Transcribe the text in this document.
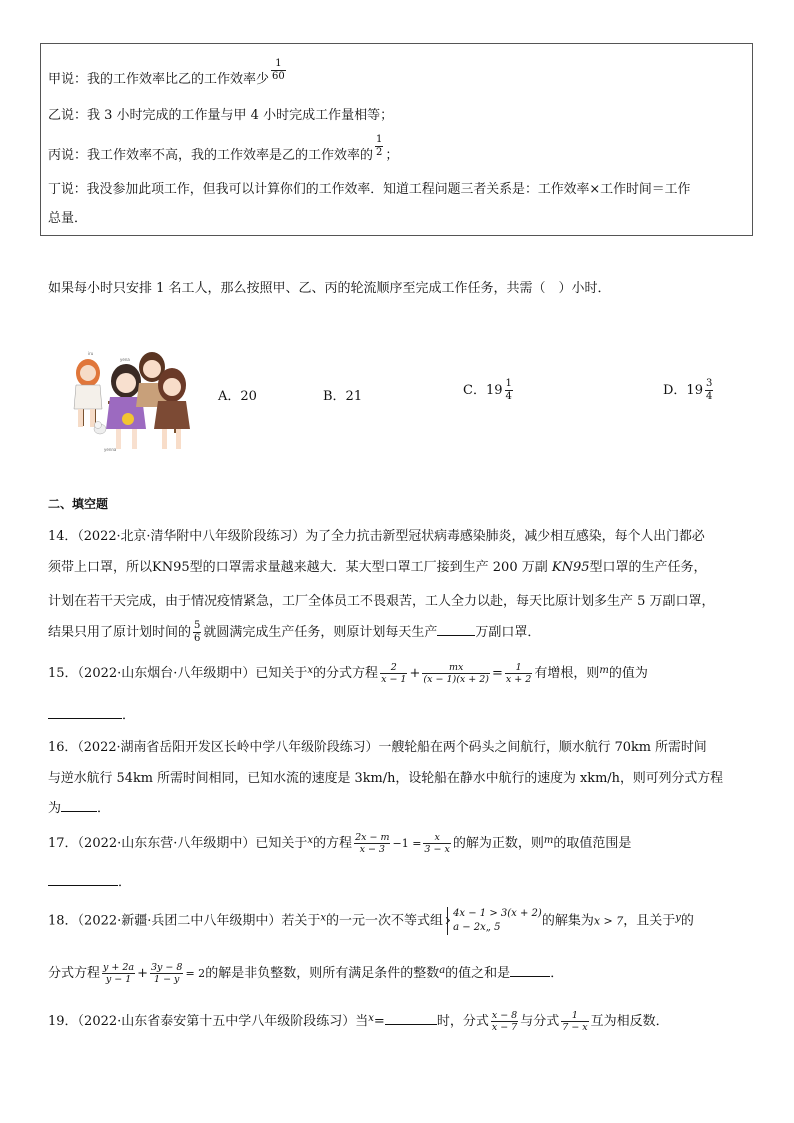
甲说：我的工作效率比乙的工作效率少 $\frac{1}{60}$
乙说：我 3 小时完成的工作量与甲 4 小时完成工作量相等；
丙说：我工作效率不高，我的工作效率是乙的工作效率的 $\frac{1}{2}$ ；
丁说：我没参加此项工作，但我可以计算你们的工作效率．知道工程问题三者关系是：工作效率×工作时间＝工作
总量．
如果每小时只安排 1 名工人，那么按照甲、乙、丙的轮流顺序至完成工作任务，共需（　）小时．
iru
yena
yenna
A．20	B．21	C．$19 \frac{1}{4}$	D．$19 \frac{3}{4}$
二、填空题
14．（2022·北京·清华附中八年级阶段练习）为了全力抗击新型冠状病毒感染肺炎，减少相互感染，每个人出门都必
须带上口罩，所以KN95型的口罩需求量越来越大．某大型口罩工厂接到生产 200 万副 KN95型口罩的生产任务，
计划在若干天完成，由于情况疫情紧急，工厂全体员工不畏艰苦，工人全力以赴，每天比原计划多生产 5 万副口罩，
结果只用了原计划时间的 $\frac{5}{6}$ 就圆满完成生产任务，则原计划每天生产	万副口罩．
15．（2022·山东烟台·八年级期中）已知关于$^x$的分式方程 $\frac{2}{x - 1} + \frac{mx}{(x - 1)(x + 2)} = \frac{1}{x + 2}$ 有增根，则$^m$的值为
．
16．（2022·湖南省岳阳开发区长岭中学八年级阶段练习）一艘轮船在两个码头之间航行，顺水航行 70km 所需时间
与逆水航行 54km 所需时间相同，已知水流的速度是 3km/h，设轮船在静水中航行的速度为 xkm/h，则可列分式方程
为	．
17．（2022·山东东营·八年级期中）已知关于$^x$的方程 $\frac{2x - m}{x - 3} -1 = \frac{x}{3 - x}$ 的解为正数，则$^m$的取值范围是
．
18．（2022·新疆·兵团二中八年级期中）若关于$^x$的一元一次不等式组 4x − 1 > 3(x + 2)
a − 2x„ 5	的解集为x > 7，且关于$^y$的
分式方程 $\frac{y + 2a}{y - 1} + \frac{3y - 8}{1 - y} = 2$的解是非负整数，则所有满足条件的整数$^a$的值之和是	．
19．（2022·山东省泰安第十五中学八年级阶段练习）当$^x$=	时，分式 $\frac{x - 8}{x - 7}$ 与分式 $\frac{1}{7 - x}$ 互为相反数．
